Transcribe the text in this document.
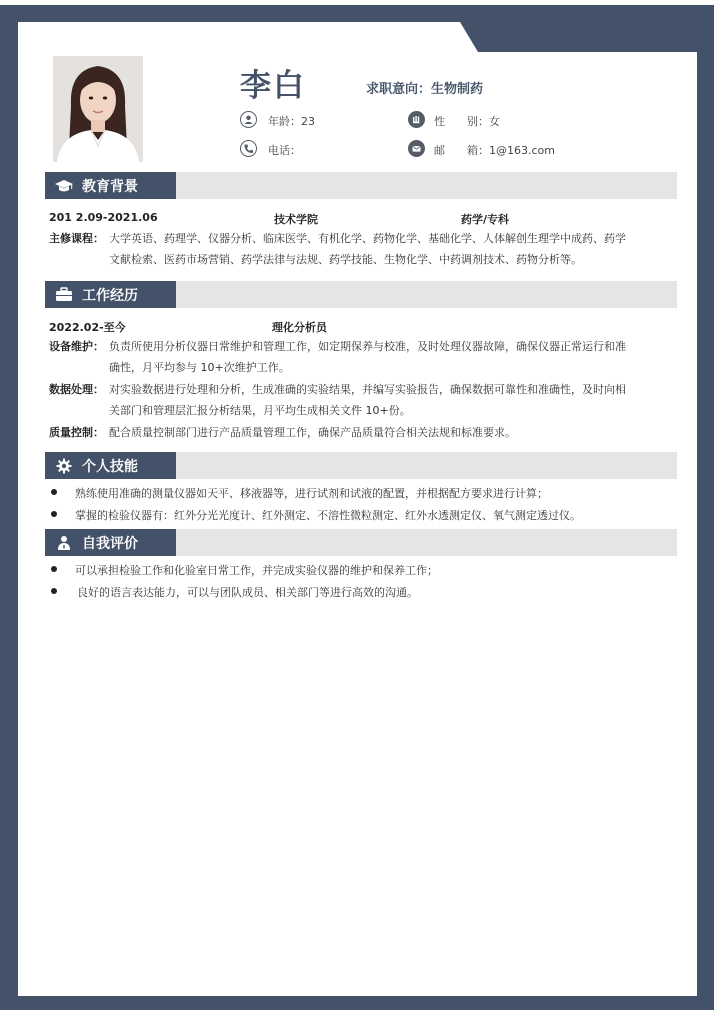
李白	求职意向：生物制药
年龄：23	性　　别：女
电话：	邮　　箱：1@163.com
教育背景
201 2.09-2021.06	技术学院	药学/专科
主修课程： 大学英语、药理学、仪器分析、临床医学、有机化学、药物化学、基础化学、人体解创生理学中成药、药学
文献检索、医药市场营销、药学法律与法规、药学技能、生物化学、中药调剂技术、药物分析等。
工作经历
2022.02-至今	理化分析员
设备维护： 负责所使用分析仪器日常维护和管理工作，如定期保养与校准，及时处理仪器故障，确保仪器正常运行和准
确性，月平均参与 10+次维护工作。
数据处理： 对实验数据进行处理和分析，生成准确的实验结果，并编写实验报告，确保数据可靠性和准确性，及时向相
关部门和管理层汇报分析结果，月平均生成相关文件 10+份。
质量控制： 配合质量控制部门进行产品质量管理工作，确保产品质量符合相关法规和标准要求。
个人技能
熟练使用准确的测量仪器如天平、移液器等，进行试剂和试液的配置，并根据配方要求进行计算；
掌握的检验仪器有：红外分光光度计、红外测定、不溶性微粒测定、红外水透测定仪、氧气测定透过仪。
自我评价
可以承担检验工作和化验室日常工作，并完成实验仪器的维护和保养工作；
良好的语言表达能力，可以与团队成员、相关部门等进行高效的沟通。
